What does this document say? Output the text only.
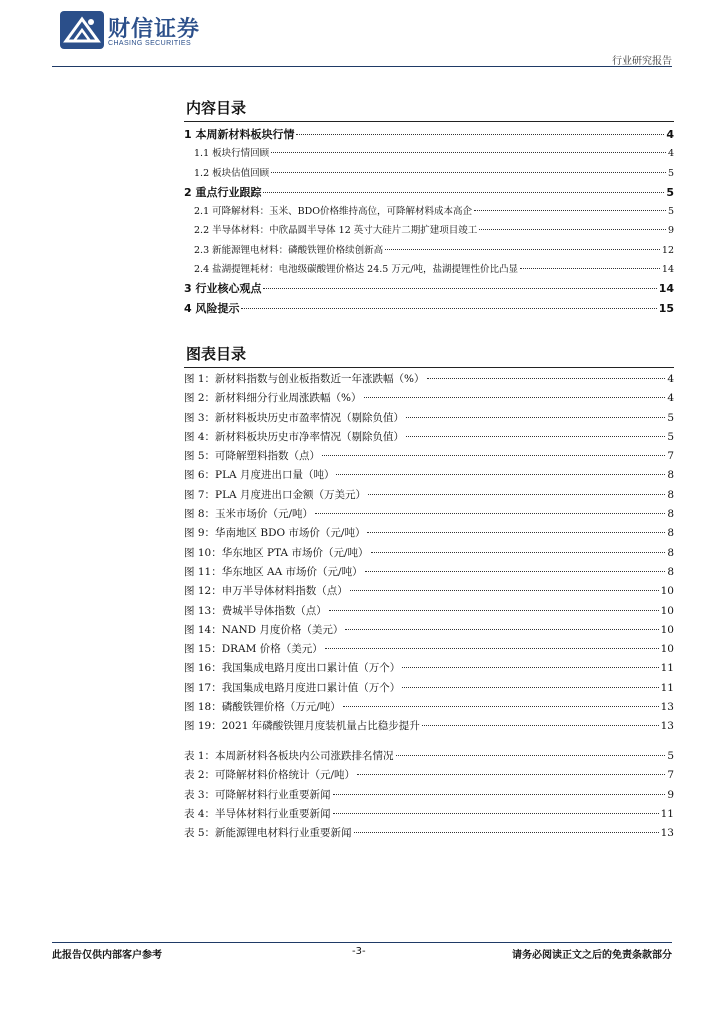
财信证券
CHASING SECURITIES
行业研究报告
内容目录
1 本周新材料板块行情	4
1.1 板块行情回顾	4
1.2 板块估值回顾	5
2 重点行业跟踪	5
2.1 可降解材料：玉米、BDO价格维持高位，可降解材料成本高企	5
2.2 半导体材料：中欣晶圆半导体 12 英寸大硅片二期扩建项目竣工	9
2.3 新能源锂电材料：磷酸铁锂价格续创新高	12
2.4 盐湖提锂耗材：电池级碳酸锂价格达 24.5 万元/吨，盐湖提锂性价比凸显	14
3 行业核心观点	14
4 风险提示	15
图表目录
图 1：新材料指数与创业板指数近一年涨跌幅（%）	4
图 2：新材料细分行业周涨跌幅（%）	4
图 3：新材料板块历史市盈率情况（剔除负值）	5
图 4：新材料板块历史市净率情况（剔除负值）	5
图 5：可降解塑料指数（点）	7
图 6：PLA 月度进出口量（吨）	8
图 7：PLA 月度进出口金额（万美元）	8
图 8：玉米市场价（元/吨）	8
图 9：华南地区 BDO 市场价（元/吨）	8
图 10：华东地区 PTA 市场价（元/吨）	8
图 11：华东地区 AA 市场价（元/吨）	8
图 12：申万半导体材料指数（点）	10
图 13：费城半导体指数（点）	10
图 14：NAND 月度价格（美元）	10
图 15：DRAM 价格（美元）	10
图 16：我国集成电路月度出口累计值（万个）	11
图 17：我国集成电路月度进口累计值（万个）	11
图 18：磷酸铁锂价格（万元/吨）	13
图 19：2021 年磷酸铁锂月度装机量占比稳步提升	13
表 1：本周新材料各板块内公司涨跌排名情况	5
表 2：可降解材料价格统计（元/吨）	7
表 3：可降解材料行业重要新闻	9
表 4：半导体材料行业重要新闻	11
表 5：新能源锂电材料行业重要新闻	13
此报告仅供内部客户参考	-3-	请务必阅读正文之后的免责条款部分
